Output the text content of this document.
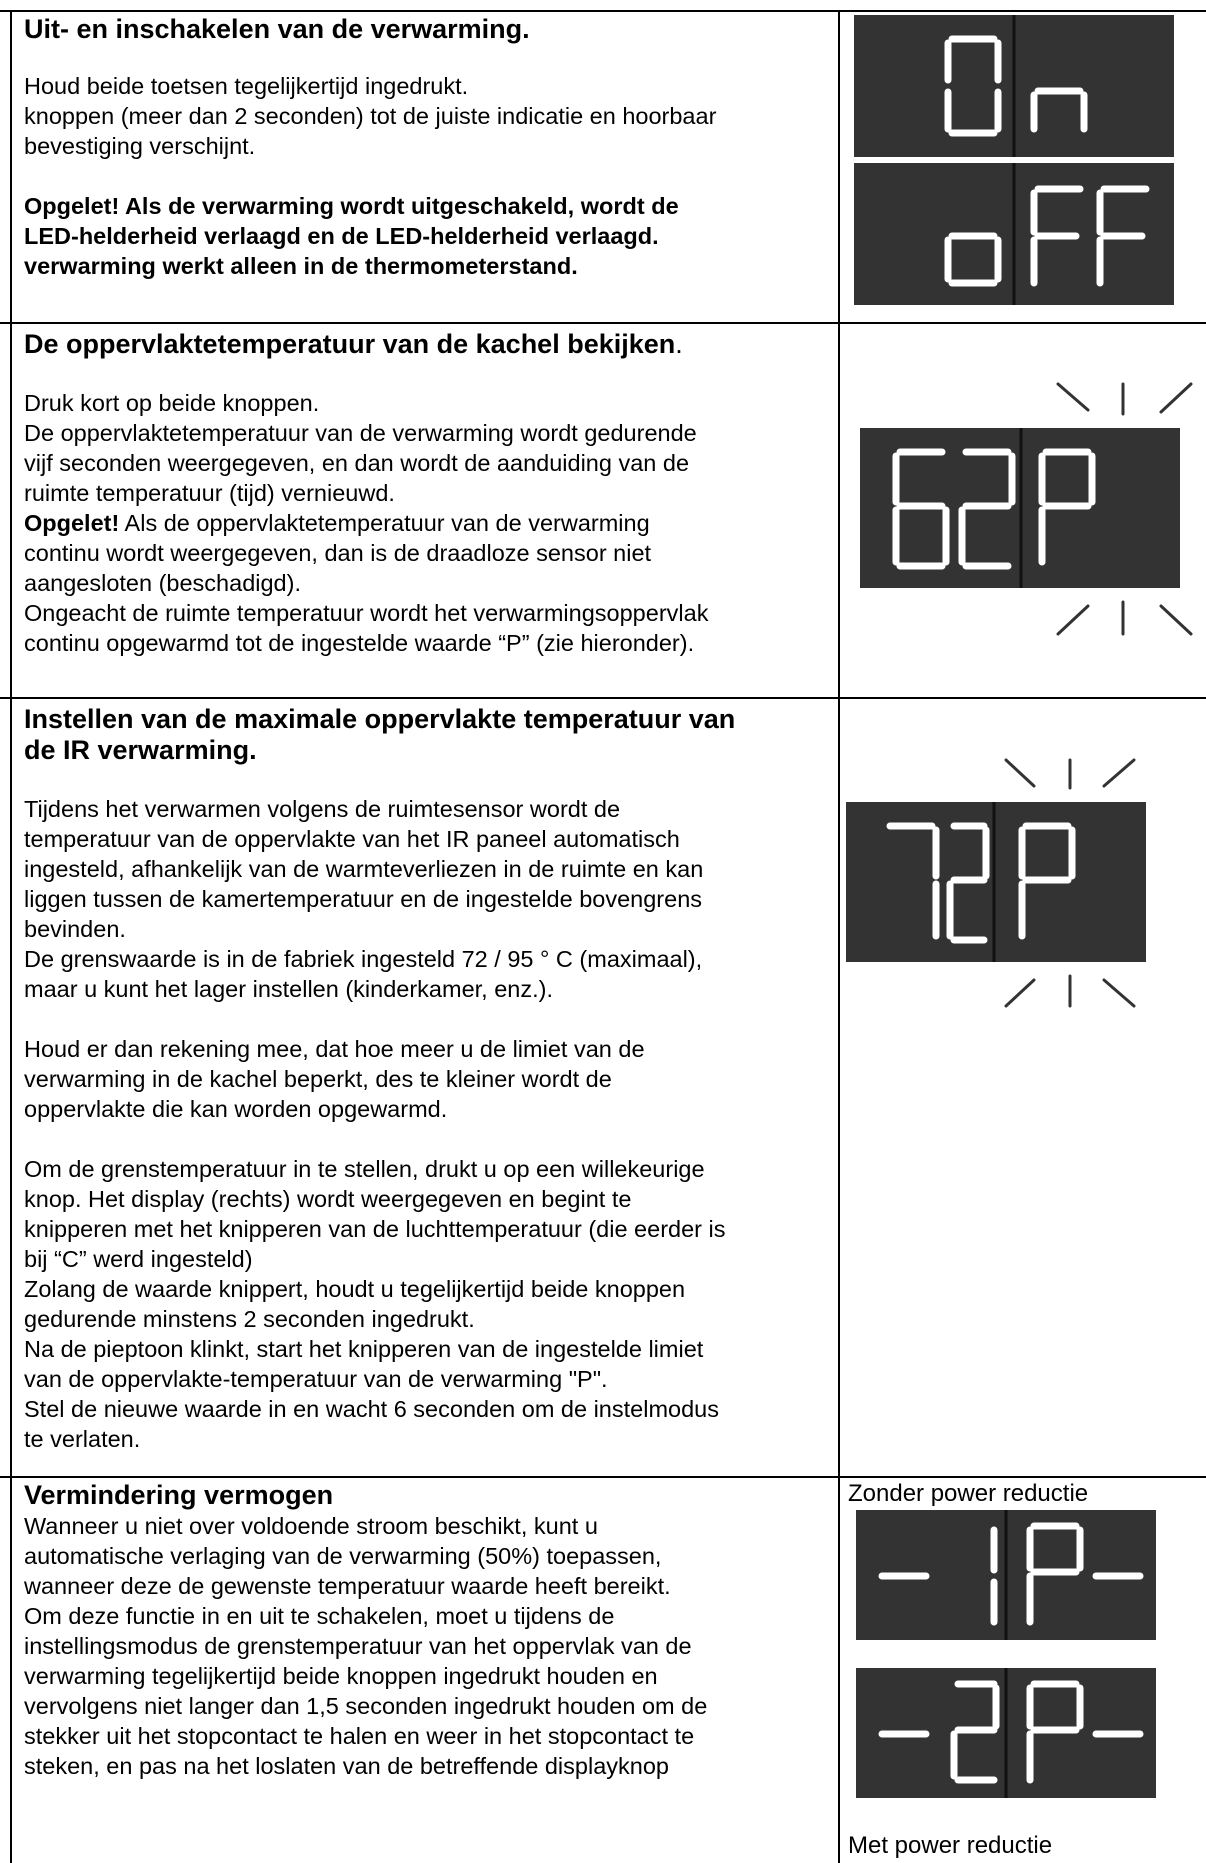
Uit- en inschakelen van de verwarming.

Houd beide toetsen tegelijkertijd ingedrukt.

knoppen (meer dan 2 seconden) tot de juiste indicatie en hoorbaar

bevestiging verschijnt.

Opgelet! Als de verwarming wordt uitgeschakeld, wordt de

LED-helderheid verlaagd en de LED-helderheid verlaagd.

verwarming werkt alleen in de thermometerstand.

De oppervlaktetemperatuur van de kachel bekijken.

Druk kort op beide knoppen.

De oppervlaktetemperatuur van de verwarming wordt gedurende

vijf seconden weergegeven, en dan wordt de aanduiding van de

ruimte temperatuur (tijd) vernieuwd.

Opgelet! Als de oppervlaktetemperatuur van de verwarming

continu wordt weergegeven, dan is de draadloze sensor niet

aangesloten (beschadigd).

Ongeacht de ruimte temperatuur wordt het verwarmingsoppervlak

continu opgewarmd tot de ingestelde waarde “P” (zie hieronder).

Instellen van de maximale oppervlakte temperatuur van

de IR verwarming.

Tijdens het verwarmen volgens de ruimtesensor wordt de

temperatuur van de oppervlakte van het IR paneel automatisch

ingesteld, afhankelijk van de warmteverliezen in de ruimte en kan

liggen tussen de kamertemperatuur en de ingestelde bovengrens

bevinden.

De grenswaarde is in de fabriek ingesteld 72 / 95 ° C (maximaal),

maar u kunt het lager instellen (kinderkamer, enz.).

Houd er dan rekening mee, dat hoe meer u de limiet van de

verwarming in de kachel beperkt, des te kleiner wordt de

oppervlakte die kan worden opgewarmd.

Om de grenstemperatuur in te stellen, drukt u op een willekeurige

knop. Het display (rechts) wordt weergegeven en begint te

knipperen met het knipperen van de luchttemperatuur (die eerder is

bij “C” werd ingesteld)

Zolang de waarde knippert, houdt u tegelijkertijd beide knoppen

gedurende minstens 2 seconden ingedrukt.

Na de pieptoon klinkt, start het knipperen van de ingestelde limiet

van de oppervlakte-temperatuur van de verwarming "P".

Stel de nieuwe waarde in en wacht 6 seconden om de instelmodus

te verlaten.

Vermindering vermogen

Wanneer u niet over voldoende stroom beschikt, kunt u

automatische verlaging van de verwarming (50%) toepassen,

wanneer deze de gewenste temperatuur waarde heeft bereikt.

Om deze functie in en uit te schakelen, moet u tijdens de

instellingsmodus de grenstemperatuur van het oppervlak van de

verwarming tegelijkertijd beide knoppen ingedrukt houden en

vervolgens niet langer dan 1,5 seconden ingedrukt houden om de

stekker uit het stopcontact te halen en weer in het stopcontact te

steken, en pas na het loslaten van de betreffende displayknop

Zonder power reductie
Met power reductie
